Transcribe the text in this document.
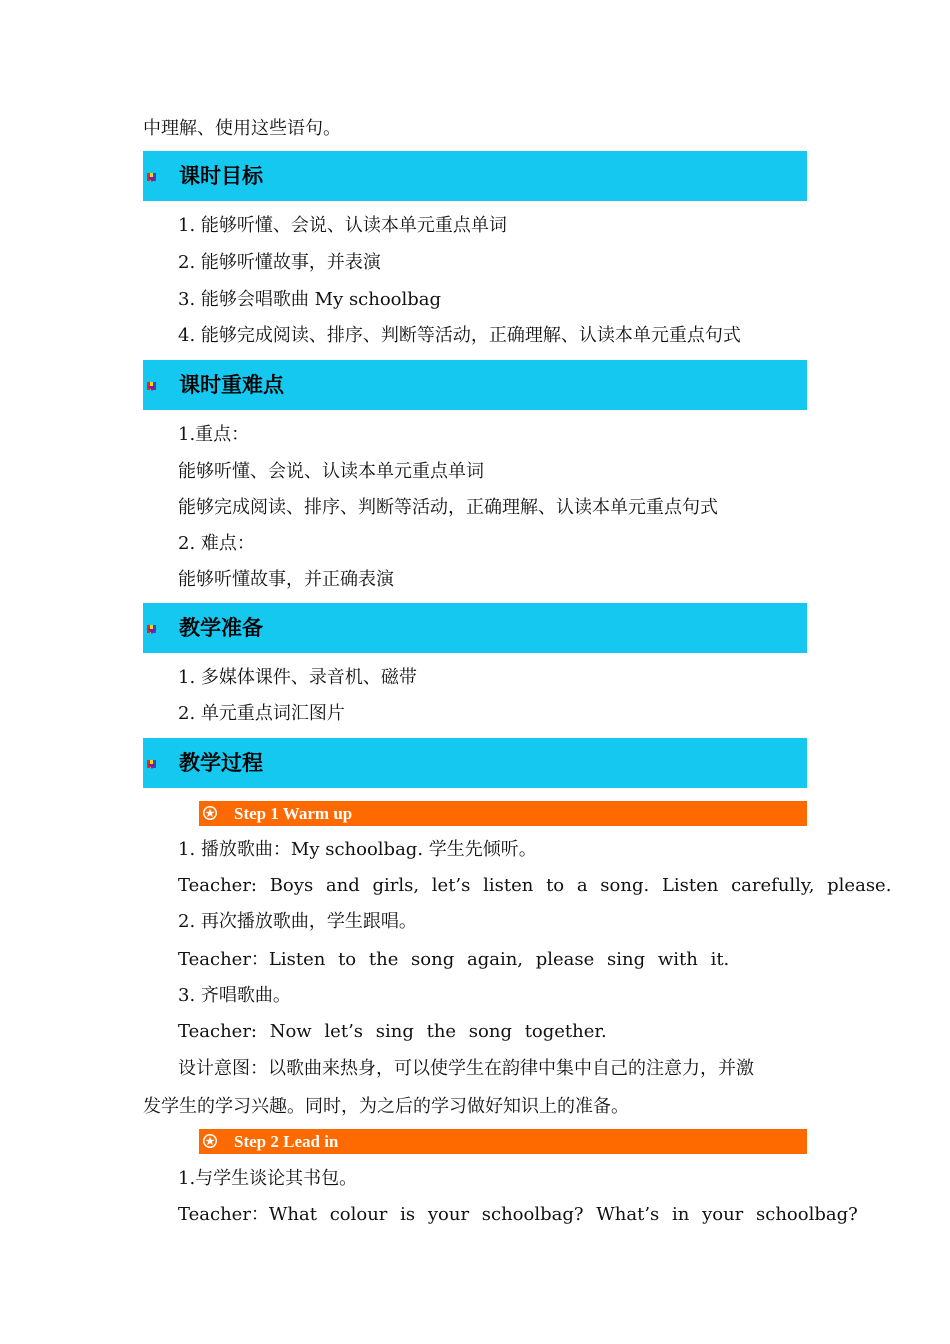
中理解、使用这些语句。
课时目标
1. 能够听懂、会说、认读本单元重点单词
2. 能够听懂故事，并表演
3. 能够会唱歌曲 My schoolbag
4. 能够完成阅读、排序、判断等活动，正确理解、认读本单元重点句式
课时重难点
1.重点：
能够听懂、会说、认读本单元重点单词
能够完成阅读、排序、判断等活动，正确理解、认读本单元重点句式
2. 难点：
能够听懂故事，并正确表演
教学准备
1. 多媒体课件、录音机、磁带
2. 单元重点词汇图片
教学过程
Step 1 Warm up
1. 播放歌曲：My schoolbag. 学生先倾听。
Teacher: Boys and girls, let’s listen to a song. Listen carefully, please.
2. 再次播放歌曲，学生跟唱。
Teacher：Listen to the song again, please sing with it.
3. 齐唱歌曲。
Teacher: Now let’s sing the song together.
设计意图：以歌曲来热身，可以使学生在韵律中集中自己的注意力，并激
发学生的学习兴趣。同时，为之后的学习做好知识上的准备。
Step 2 Lead in
1.与学生谈论其书包。
Teacher：What colour is your schoolbag? What’s in your schoolbag?
